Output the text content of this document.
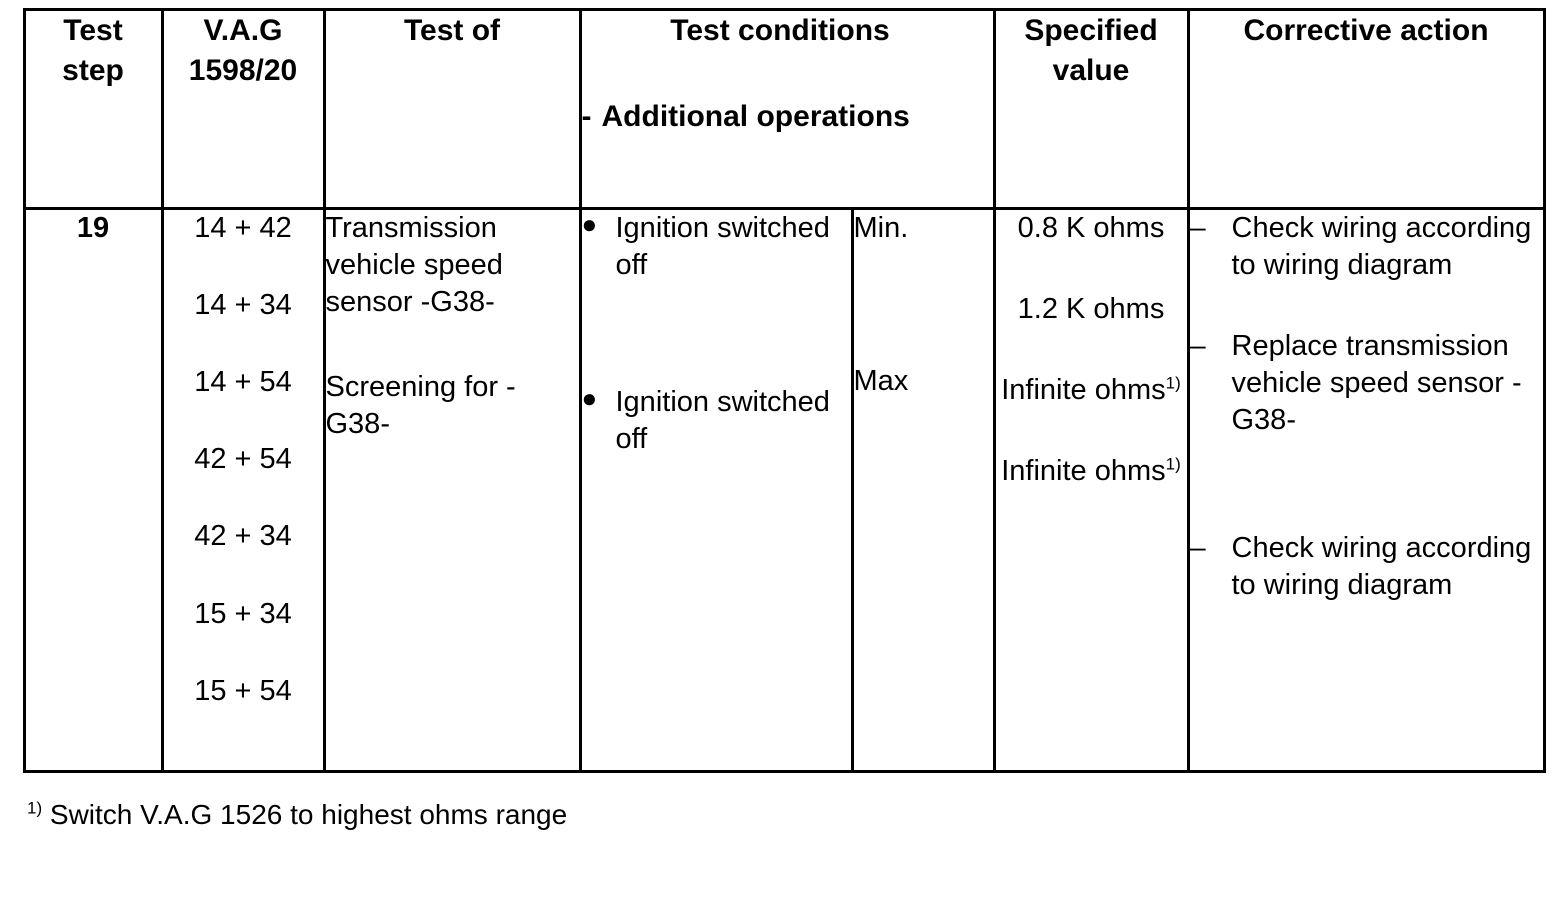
Test
step	V.A.G
1598/20	Test of	Test conditions
- Additional operations		Specified
value	Corrective action
19	14 + 42
14 + 34
14 + 54
42 + 54
42 + 34
15 + 34
15 + 54

Transmission vehicle speed sensor -G38-
Screening for -G38-

● Ignition switched off
● Ignition switched off

Min.
Max

0.8 K ohms
1.2 K ohms
Infinite ohms$^{1)}$
Infinite ohms$^{1)}$

– Check wiring according to wiring diagram
– Replace transmission vehicle speed sensor -G38-
– Check wiring according to wiring diagram
$^{1)}$ Switch V.A.G 1526 to highest ohms range
